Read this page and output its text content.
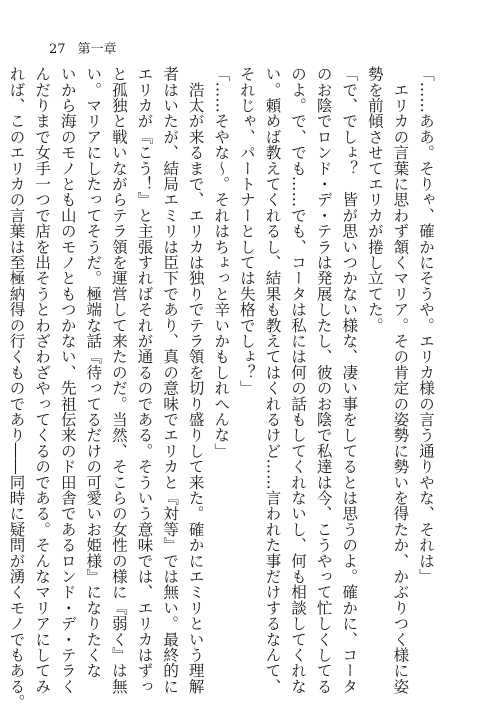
27 第一章
「……ああ。そりゃ、確かにそうや。エリカ様の言う通りやな、それは」
　エリカの言葉に思わず頷くマリア。その肯定の姿勢に勢いを得たか、かぶりつく様に姿
勢を前傾させてエリカが捲し立てた。
「で、でしょ？　皆が思いつかない様な、凄い事をしてるとは思うのよ。確かに、コータ
のお陰でロンド・デ・テラは発展したし、彼のお陰で私達は今、こうやって忙しくしてる
のよ。で、でも……でも、コータは私には何の話もしてくれないし、何も相談してくれな
い。頼めば教えてくれるし、結果も教えてはくれるけど……言われた事だけするなんて、
それじゃ、パートナーとしては失格でしょ？」
「……そやな〜。それはちょっと辛いかもしれへんな」
　浩太が来るまで、エリカは独りでテラ領を切り盛りして来た。確かにエミリという理解
者はいたが、結局エミリは臣下であり、真の意味でエリカと『対等』では無い。最終的に
エリカが『こう！』と主張すればそれが通るのである。そういう意味では、エリカはずっ
と孤独と戦いながらテラ領を運営して来たのだ。当然、そこらの女性の様に『弱く』は無
い。マリアにしたってそうだ。極端な話『待ってるだけの可愛いお姫様』になりたくな
いから海のモノとも山のモノともつかない、先祖伝来のド田舎であるロンド・デ・テラく
んだりまで女手一つで店を出そうとわざわざやってくるのである。そんなマリアにしてみ
れば、このエリカの言葉は至極納得の行くものであり――同時に疑問が湧くモノでもある。
